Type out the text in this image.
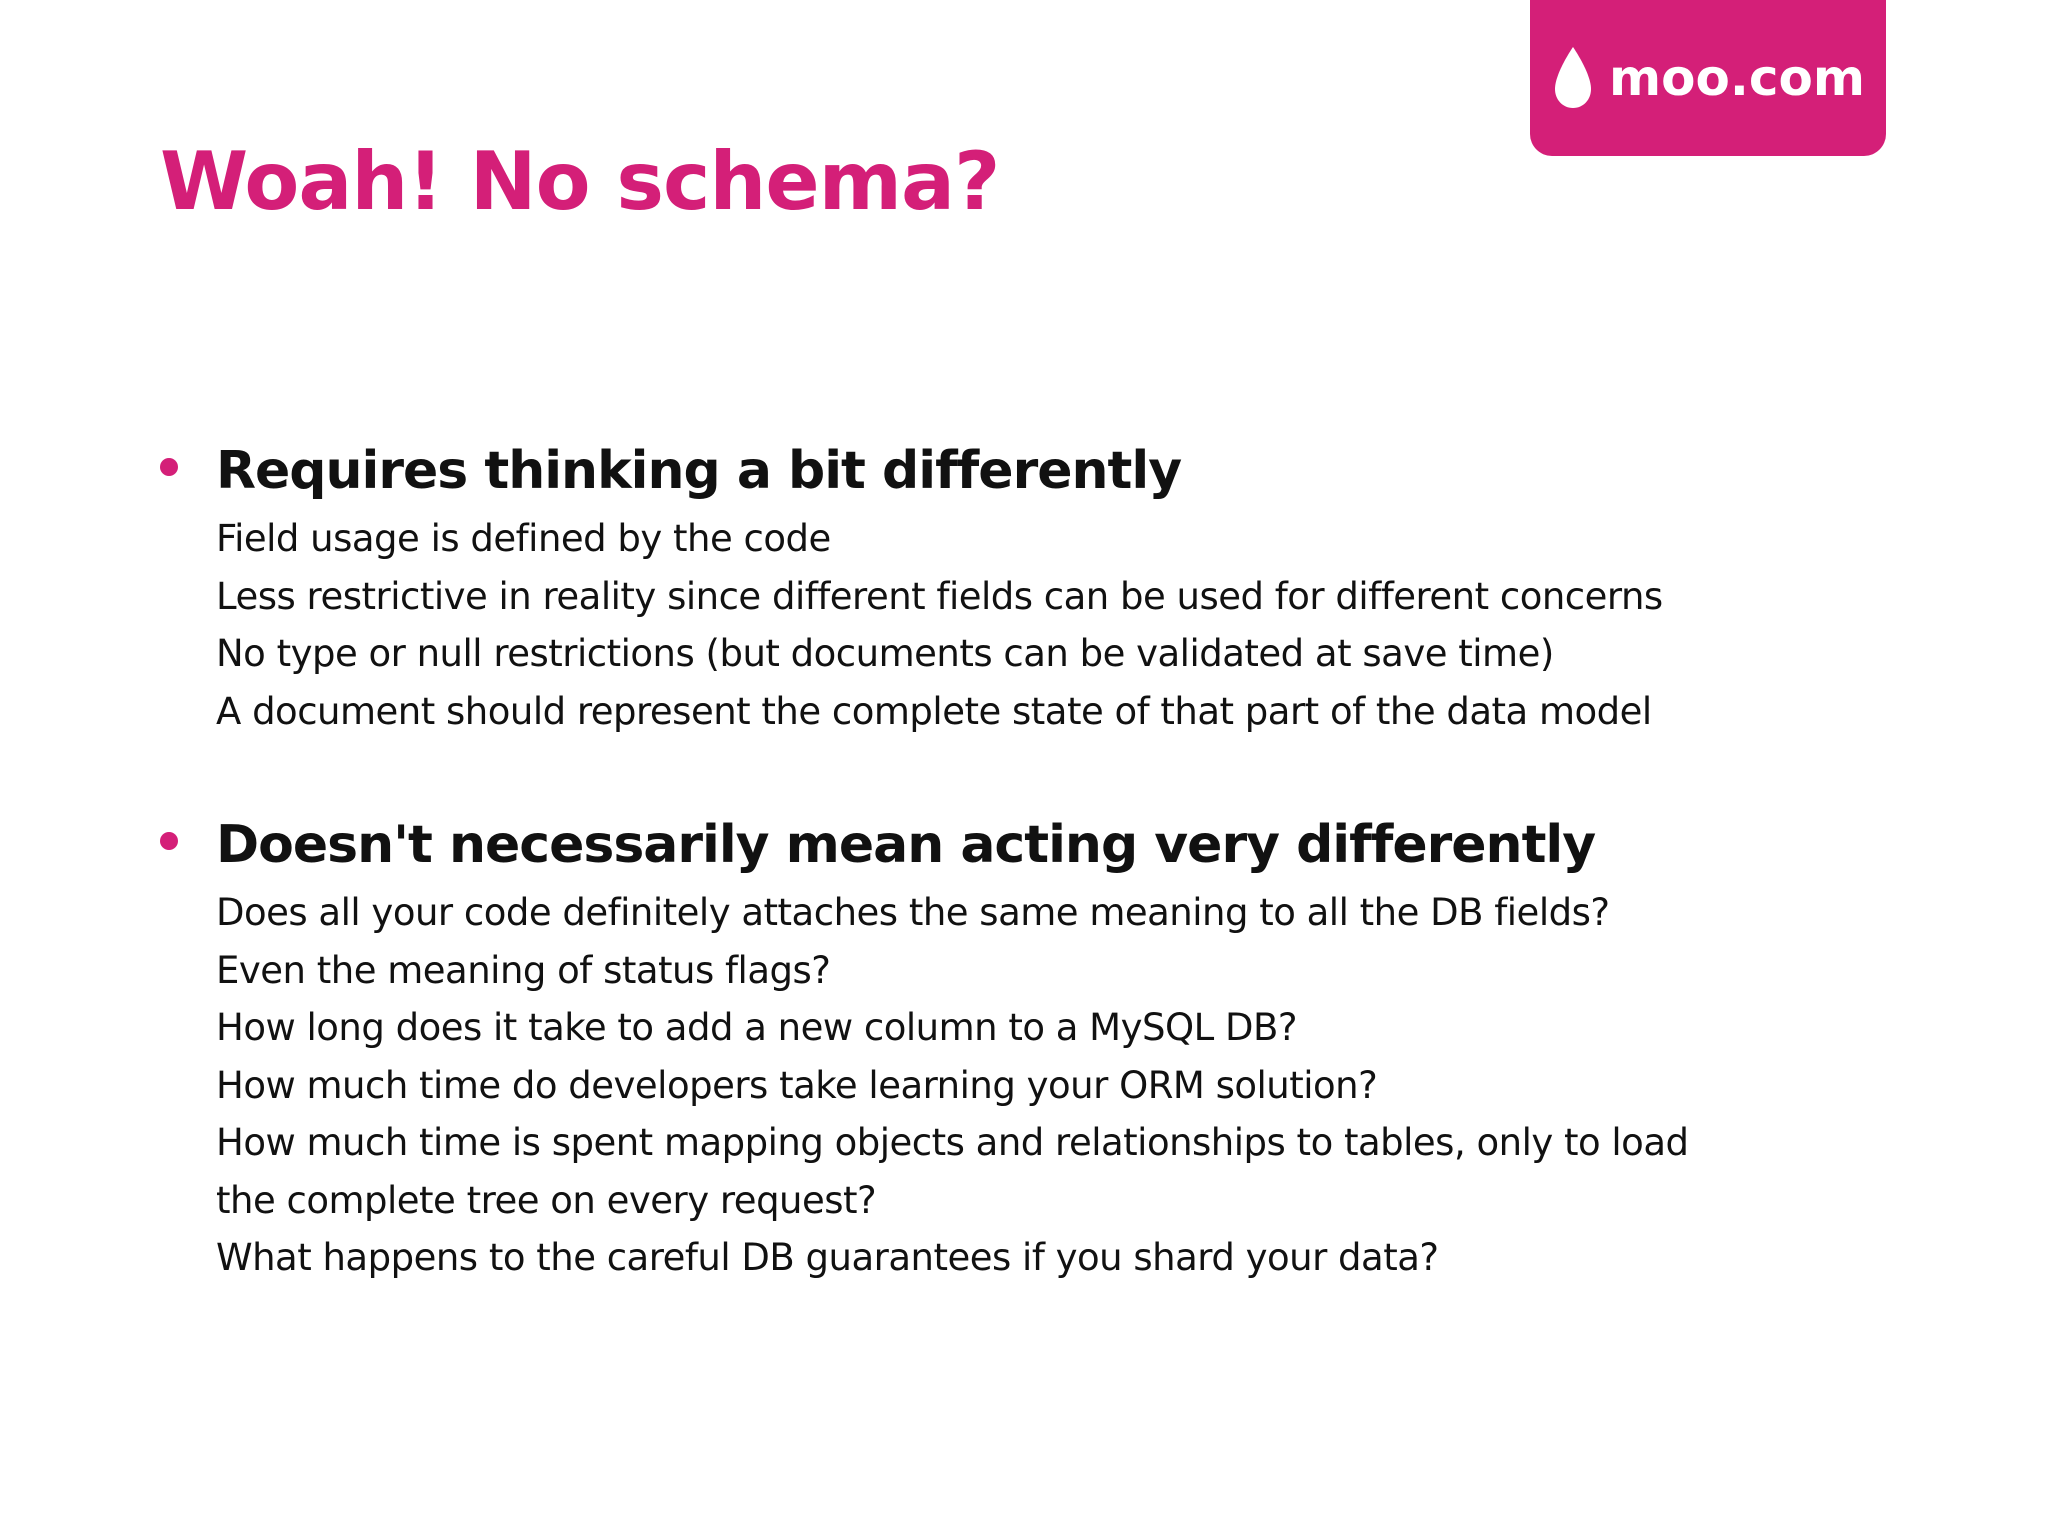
moo.com
Woah! No schema?
Requires thinking a bit differently
Field usage is defined by the code
Less restrictive in reality since different fields can be used for different concerns
No type or null restrictions (but documents can be validated at save time)
A document should represent the complete state of that part of the data model
Doesn't necessarily mean acting very differently
Does all your code definitely attaches the same meaning to all the DB fields?
Even the meaning of status flags?
How long does it take to add a new column to a MySQL DB?
How much time do developers take learning your ORM solution?
How much time is spent mapping objects and relationships to tables, only to load the complete tree on every request?
What happens to the careful DB guarantees if you shard your data?
